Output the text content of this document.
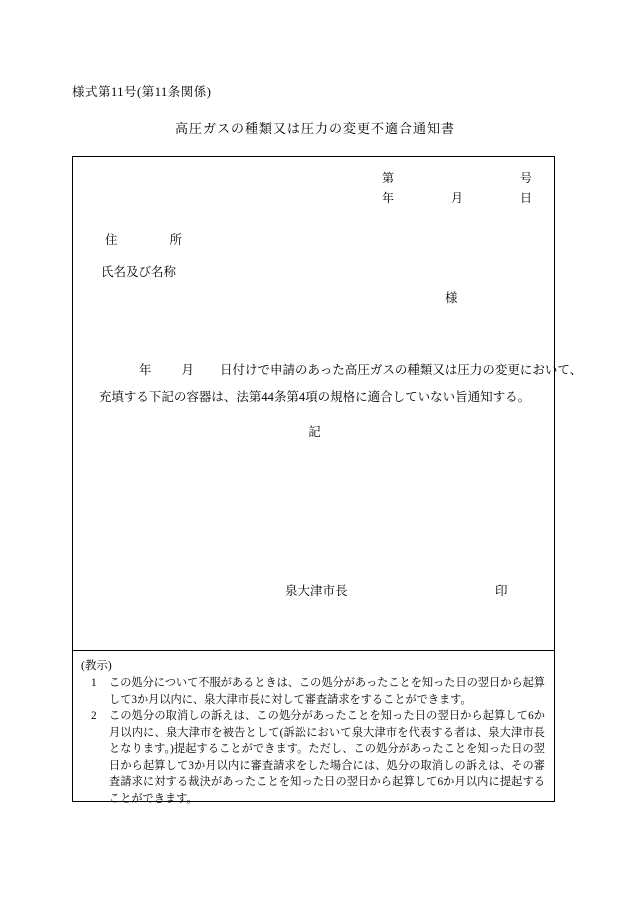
様式第11号(第11条関係)
高圧ガスの種類又は圧力の変更不適合通知書
第	号
年	月	日
住	所
氏名及び名称
様
年 月 日付けで申請のあった高圧ガスの種類又は圧力の変更において、
充填する下記の容器は、法第44条第4項の規格に適合していない旨通知する。
記
泉大津市長	印
(教示)
1	この処分について不服があるときは、この処分があったことを知った日の翌日から起算して3か月以内に、泉大津市長に対して審査請求をすることができます。
2	この処分の取消しの訴えは、この処分があったことを知った日の翌日から起算して6か月以内に、泉大津市を被告として(訴訟において泉大津市を代表する者は、泉大津市長となります。)提起することができます。ただし、この処分があったことを知った日の翌日から起算して3か月以内に審査請求をした場合には、処分の取消しの訴えは、その審査請求に対する裁決があったことを知った日の翌日から起算して6か月以内に提起することができます。
